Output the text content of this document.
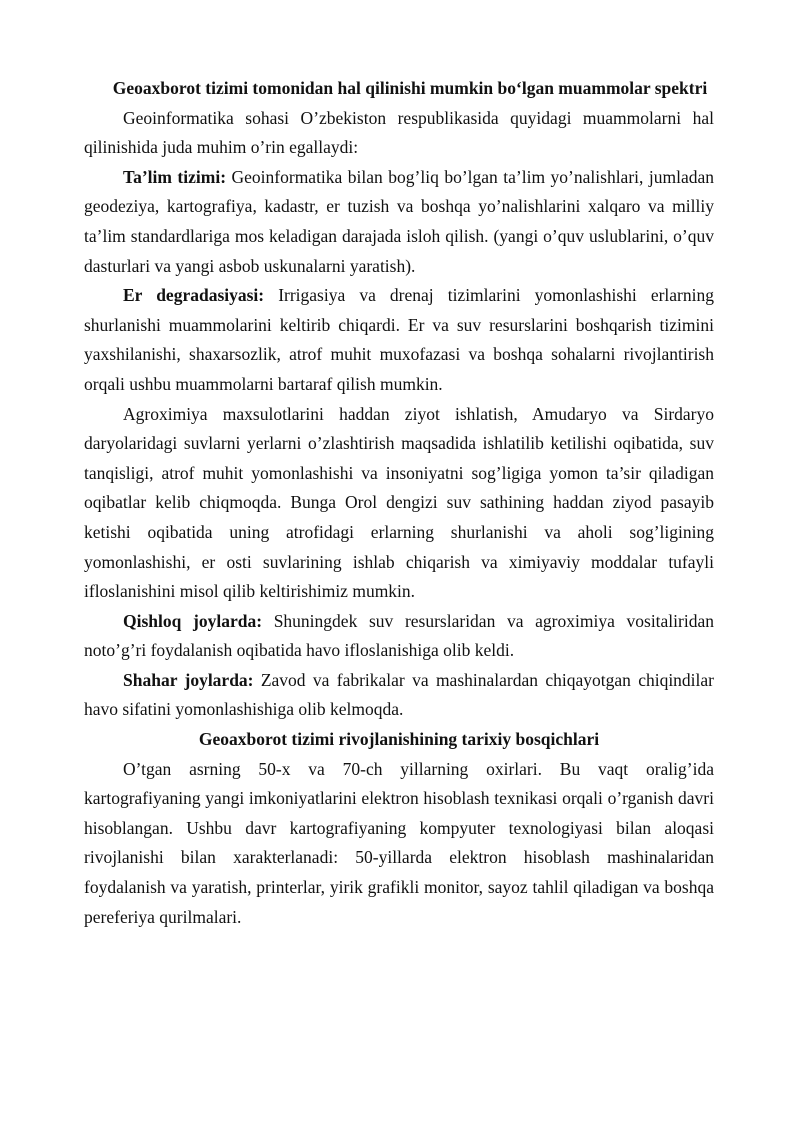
Geoaxborot tizimi tomonidan hal qilinishi mumkin bo‘lgan muammolar spektri

Geoinformatika sohasi O’zbekiston respublikasida quyidagi muammolarni hal qilinishida juda muhim o’rin egallaydi:

Ta’lim tizimi: Geoinformatika bilan bog’liq bo’lgan ta’lim yo’nalishlari, jumladan geodeziya, kartografiya, kadastr, er tuzish va boshqa yo’nalishlarini xalqaro va milliy ta’lim standardlariga mos keladigan darajada isloh qilish. (yangi o’quv uslublarini, o’quv dasturlari va yangi asbob uskunalarni yaratish).

Er degradasiyasi: Irrigasiya va drenaj tizimlarini yomonlashishi erlarning shurlanishi muammolarini keltirib chiqardi. Er va suv resurslarini boshqarish tizimini yaxshilanishi, shaxarsozlik, atrof muhit muxofazasi va boshqa sohalarni rivojlantirish orqali ushbu muammolarni bartaraf qilish mumkin.

Agroximiya maxsulotlarini haddan ziyot ishlatish, Amudaryo va Sirdaryo daryolaridagi suvlarni yerlarni o’zlashtirish maqsadida ishlatilib ketilishi oqibatida, suv tanqisligi, atrof muhit yomonlashishi va insoniyatni sog’ligiga yomon ta’sir qiladigan oqibatlar kelib chiqmoqda. Bunga Orol dengizi suv sathining haddan ziyod pasayib ketishi oqibatida uning atrofidagi erlarning shurlanishi va aholi sog’ligining yomonlashishi, er osti suvlarining ishlab chiqarish va ximiyaviy moddalar tufayli ifloslanishini misol qilib keltirishimiz mumkin.

Qishloq joylarda: Shuningdek suv resurslaridan va agroximiya vositaliridan noto’g’ri foydalanish oqibatida havo ifloslanishiga olib keldi.

Shahar joylarda: Zavod va fabrikalar va mashinalardan chiqayotgan chiqindilar havo sifatini yomonlashishiga olib kelmoqda.

Geoaxborot tizimi rivojlanishining tarixiy bosqichlari

O’tgan asrning 50-x va 70-ch yillarning oxirlari. Bu vaqt oralig’ida kartografiyaning yangi imkoniyatlarini elektron hisoblash texnikasi orqali o’rganish davri hisoblangan. Ushbu davr kartografiyaning kompyuter texnologiyasi bilan aloqasi rivojlanishi bilan xarakterlanadi: 50-yillarda elektron hisoblash mashinalaridan foydalanish va yaratish, printerlar, yirik grafikli monitor, sayoz tahlil qiladigan va boshqa pereferiya qurilmalari.
